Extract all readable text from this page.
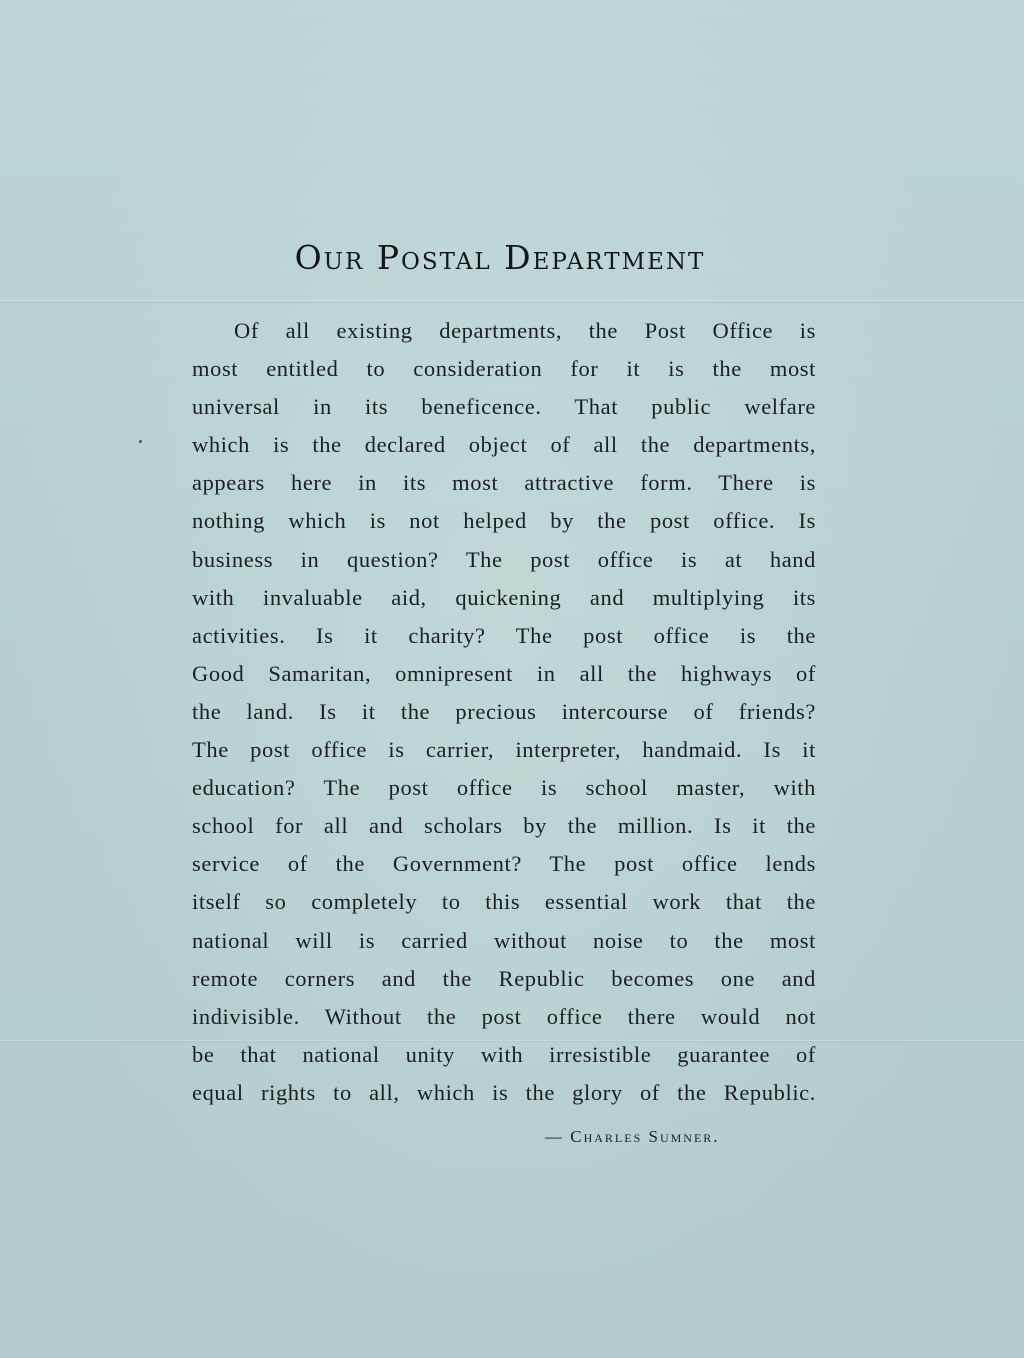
Our Postal Department
Of all existing departments, the Post Office is
most entitled to consideration for it is the most
universal in its beneficence. That public welfare
which is the declared object of all the departments,
appears here in its most attractive form. There is
nothing which is not helped by the post office. Is
business in question? The post office is at hand
with invaluable aid, quickening and multiplying its
activities. Is it charity? The post office is the
Good Samaritan, omnipresent in all the highways of
the land. Is it the precious intercourse of friends?
The post office is carrier, interpreter, handmaid. Is it
education? The post office is school master, with
school for all and scholars by the million. Is it the
service of the Government? The post office lends
itself so completely to this essential work that the
national will is carried without noise to the most
remote corners and the Republic becomes one and
indivisible. Without the post office there would not
be that national unity with irresistible guarantee of
equal rights to all, which is the glory of the Republic.

— Charles Sumner.
